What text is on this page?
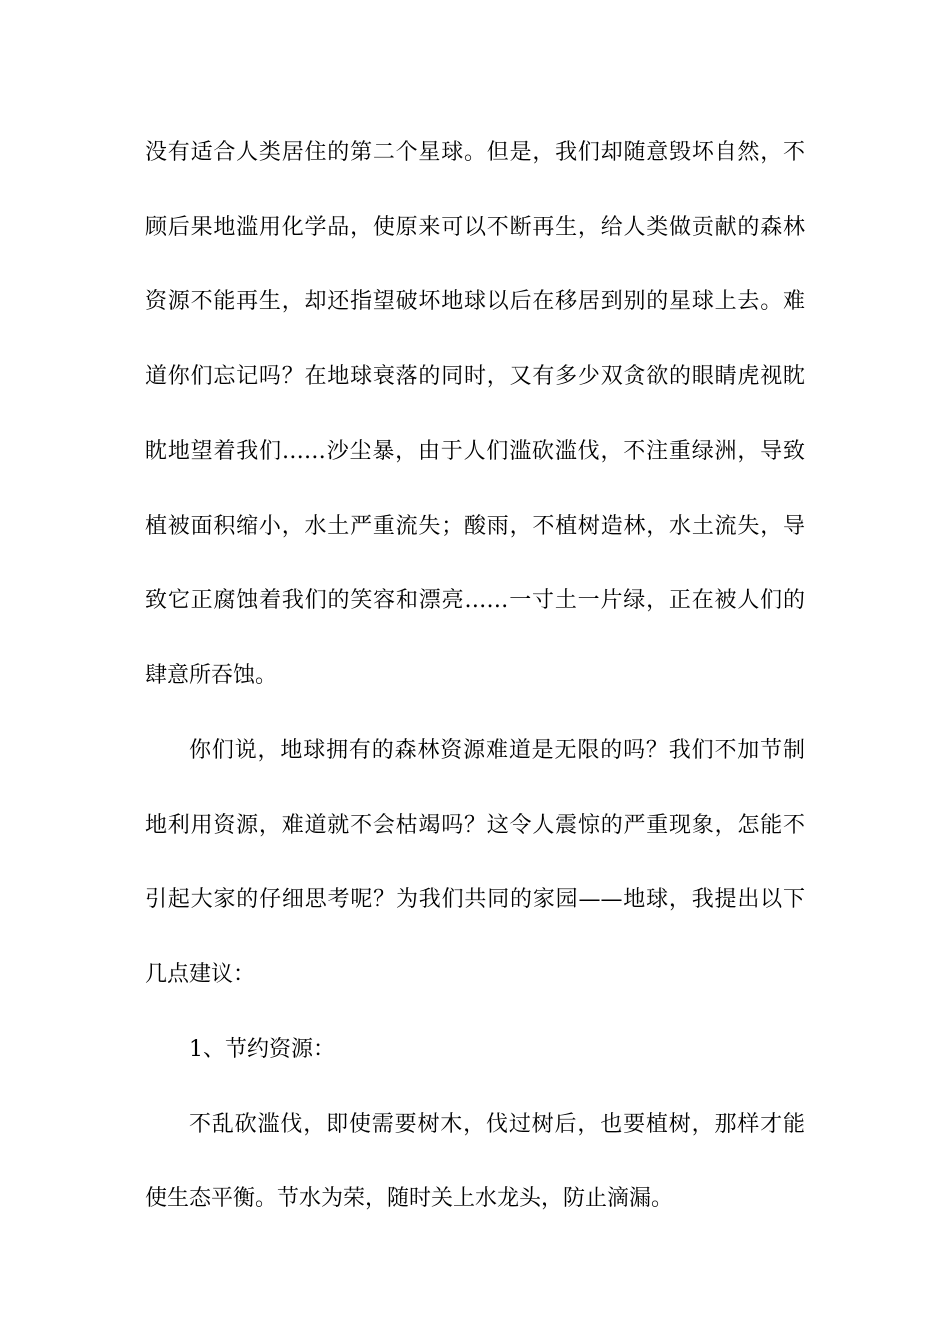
没有适合人类居住的第二个星球。但是，我们却随意毁坏自然，不
顾后果地滥用化学品，使原来可以不断再生，给人类做贡献的森林
资源不能再生，却还指望破坏地球以后在移居到别的星球上去。难
道你们忘记吗？在地球衰落的同时，又有多少双贪欲的眼睛虎视眈
眈地望着我们……沙尘暴，由于人们滥砍滥伐，不注重绿洲，导致
植被面积缩小，水土严重流失；酸雨，不植树造林，水土流失，导
致它正腐蚀着我们的笑容和漂亮……一寸土一片绿，正在被人们的
肆意所吞蚀。
你们说，地球拥有的森林资源难道是无限的吗？我们不加节制
地利用资源，难道就不会枯竭吗？这令人震惊的严重现象，怎能不
引起大家的仔细思考呢？为我们共同的家园——地球，我提出以下
几点建议：
1、节约资源：
不乱砍滥伐，即使需要树木，伐过树后，也要植树，那样才能
使生态平衡。节水为荣，随时关上水龙头，防止滴漏。
